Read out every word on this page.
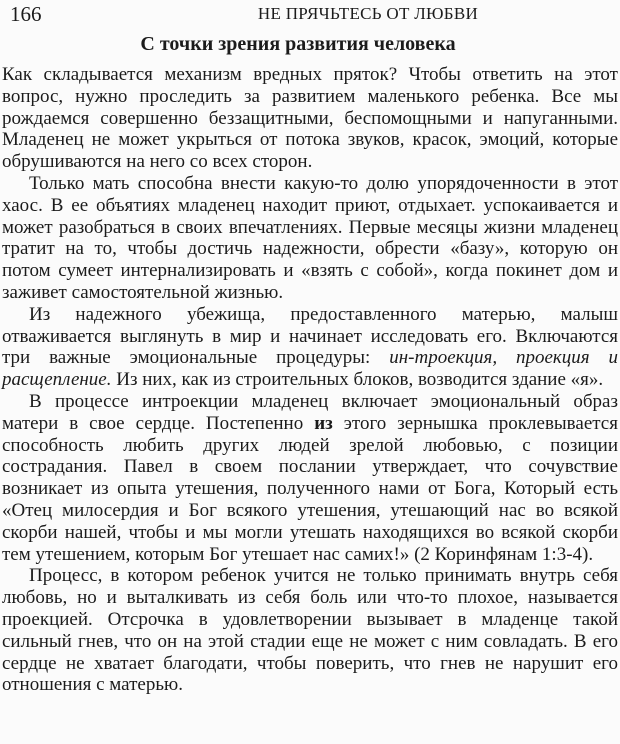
166	НЕ ПРЯЧЬТЕСЬ ОТ ЛЮБВИ
С точки зрения развития человека

Как складывается механизм вредных пряток? Чтобы ответить на этот вопрос, нужно проследить за развитием маленького ребенка. Все мы рождаемся совершенно беззащитными, беспомощными и напуганными. Младенец не может укрыться от потока звуков, красок, эмоций, которые обрушиваются на него со всех сторон.

Только мать способна внести какую-то долю упорядоченности в этот хаос. В ее объятиях младенец находит приют, отдыхает. успокаивается и может разобраться в своих впечатлениях. Первые месяцы жизни младенец тратит на то, чтобы достичь надежности, обрести «базу», которую он потом сумеет интернализировать и «взять с собой», когда покинет дом и заживет самостоятельной жизнью.

Из надежного убежища, предоставленного матерью, малыш отваживается выглянуть в мир и начинает исследовать его. Включаются три важные эмоциональные процедуры: ин-троекция, проекция и расщепление. Из них, как из строительных блоков, возводится здание «я».

В процессе интроекции младенец включает эмоциональный образ матери в свое сердце. Постепенно из этого зернышка проклевывается способность любить других людей зрелой любовью, с позиции сострадания. Павел в своем послании утверждает, что сочувствие возникает из опыта утешения, полученного нами от Бога, Который есть «Отец милосердия и Бог всякого утешения, утешающий нас во всякой скорби нашей, чтобы и мы могли утешать находящихся во всякой скорби тем утешением, которым Бог утешает нас самих!» (2 Коринфянам 1:3-4).

Процесс, в котором ребенок учится не только принимать внутрь себя любовь, но и выталкивать из себя боль или что-то плохое, называется проекцией. Отсрочка в удовлетворении вызывает в младенце такой сильный гнев, что он на этой стадии еще не может с ним совладать. В его сердце не хватает благодати, чтобы поверить, что гнев не нарушит его отношения с матерью.
